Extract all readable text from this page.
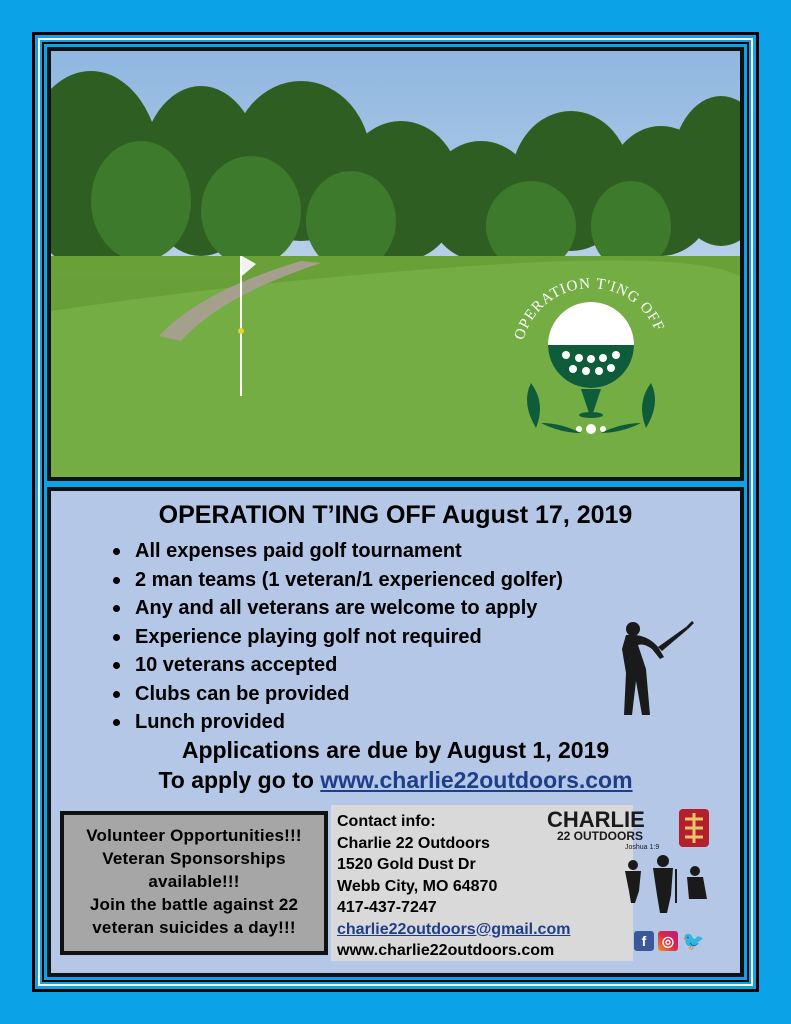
OPERATION T'ING OFF
OPERATION T’ING OFF August 17, 2019
All expenses paid golf tournament
2 man teams (1 veteran/1 experienced golfer)
Any and all veterans are welcome to apply
Experience playing golf not required
10 veterans accepted
Clubs can be provided
Lunch provided
Applications are due by August 1, 2019
To apply go to www.charlie22outdoors.com
Volunteer Opportunities!!!
Veteran Sponsorships
available!!!
Join the battle against 22
veteran suicides a day!!!
Contact info:
Charlie 22 Outdoors
1520 Gold Dust Dr
Webb City, MO 64870
417-437-7247
charlie22outdoors@gmail.com
www.charlie22outdoors.com
CHARLIE
22 OUTDOORS
Joshua 1:9
f	◎ 🐦
